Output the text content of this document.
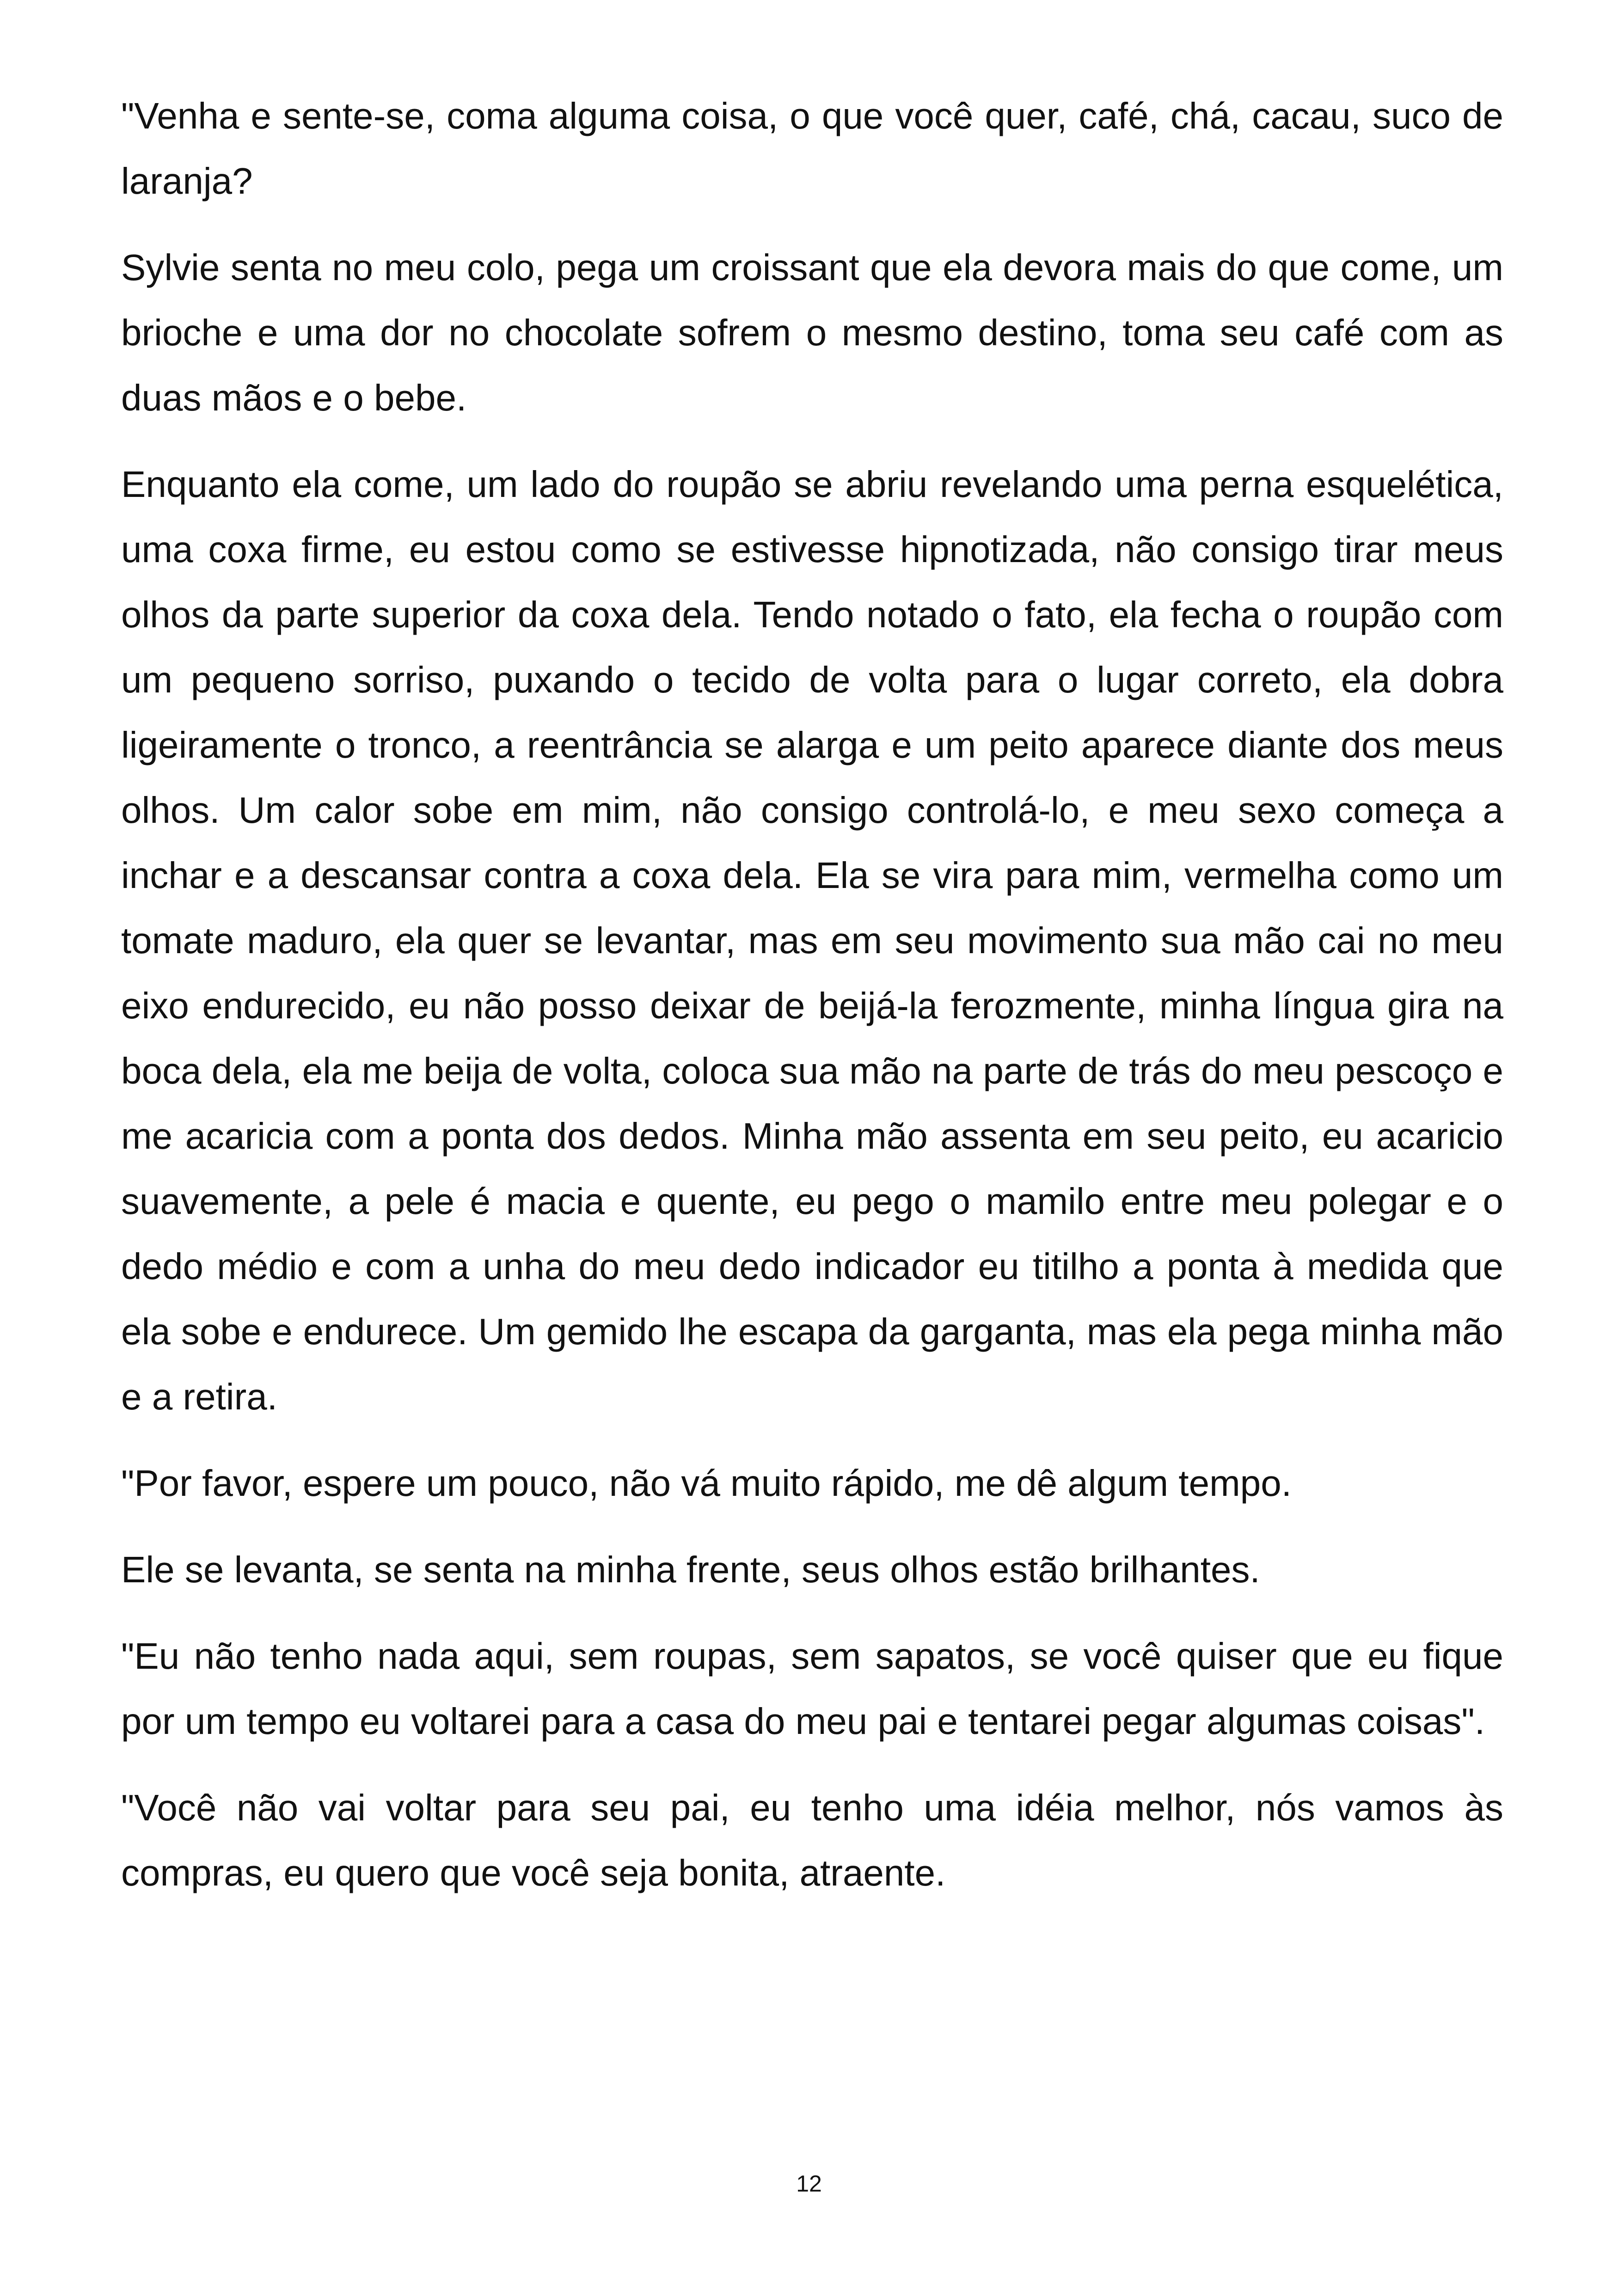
"Venha e sente-se, coma alguma coisa, o que você quer, café, chá, cacau, suco de laranja?

Sylvie senta no meu colo, pega um croissant que ela devora mais do que come, um brioche e uma dor no chocolate sofrem o mesmo destino, toma seu café com as duas mãos e o bebe.

Enquanto ela come, um lado do roupão se abriu revelando uma perna esquelética, uma coxa firme, eu estou como se estivesse hipnotizada, não consigo tirar meus olhos da parte superior da coxa dela. Tendo notado o fato, ela fecha o roupão com um pequeno sorriso, puxando o tecido de volta para o lugar correto, ela dobra ligeiramente o tronco, a reentrância se alarga e um peito aparece diante dos meus olhos. Um calor sobe em mim, não consigo controlá-lo, e meu sexo começa a inchar e a descansar contra a coxa dela. Ela se vira para mim, vermelha como um tomate maduro, ela quer se levantar, mas em seu movimento sua mão cai no meu eixo endurecido, eu não posso deixar de beijá-la ferozmente, minha língua gira na boca dela, ela me beija de volta, coloca sua mão na parte de trás do meu pescoço e me acaricia com a ponta dos dedos. Minha mão assenta em seu peito, eu acaricio suavemente, a pele é macia e quente, eu pego o mamilo entre meu polegar e o dedo médio e com a unha do meu dedo indicador eu titilho a ponta à medida que ela sobe e endurece. Um gemido lhe escapa da garganta, mas ela pega minha mão e a retira.

"Por favor, espere um pouco, não vá muito rápido, me dê algum tempo.

Ele se levanta, se senta na minha frente, seus olhos estão brilhantes.

"Eu não tenho nada aqui, sem roupas, sem sapatos, se você quiser que eu fique por um tempo eu voltarei para a casa do meu pai e tentarei pegar algumas coisas".

"Você não vai voltar para seu pai, eu tenho uma idéia melhor, nós vamos às compras, eu quero que você seja bonita, atraente.

12
